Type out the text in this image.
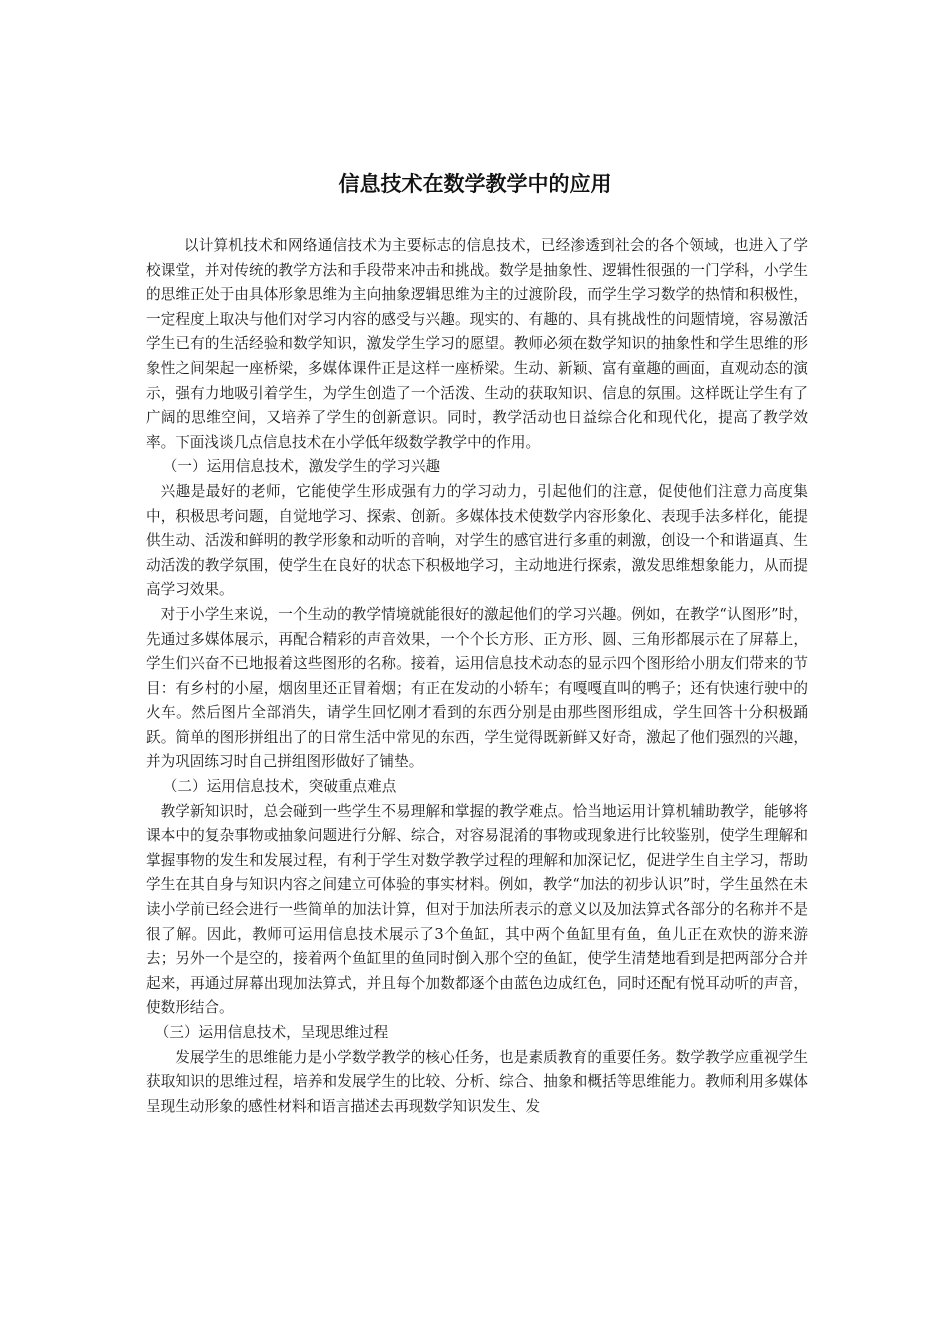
信息技术在数学教学中的应用

以计算机技术和网络通信技术为主要标志的信息技术，已经渗透到社会的各个领域，也进入了学校课堂，并对传统的教学方法和手段带来冲击和挑战。数学是抽象性、逻辑性很强的一门学科，小学生的思维正处于由具体形象思维为主向抽象逻辑思维为主的过渡阶段，而学生学习数学的热情和积极性，一定程度上取决与他们对学习内容的感受与兴趣。现实的、有趣的、具有挑战性的问题情境，容易激活学生已有的生活经验和数学知识，激发学生学习的愿望。教师必须在数学知识的抽象性和学生思维的形象性之间架起一座桥梁，多媒体课件正是这样一座桥梁。生动、新颖、富有童趣的画面，直观动态的演示，强有力地吸引着学生，为学生创造了一个活泼、生动的获取知识、信息的氛围。这样既让学生有了广阔的思维空间，又培养了学生的创新意识。同时，教学活动也日益综合化和现代化，提高了教学效率。下面浅谈几点信息技术在小学低年级数学教学中的作用。

（一）运用信息技术，激发学生的学习兴趣

兴趣是最好的老师，它能使学生形成强有力的学习动力，引起他们的注意，促使他们注意力高度集中，积极思考问题，自觉地学习、探索、创新。多媒体技术使数学内容形象化、表现手法多样化，能提供生动、活泼和鲜明的教学形象和动听的音响，对学生的感官进行多重的刺激，创设一个和谐逼真、生动活泼的教学氛围，使学生在良好的状态下积极地学习，主动地进行探索，激发思维想象能力，从而提高学习效果。

对于小学生来说，一个生动的教学情境就能很好的激起他们的学习兴趣。例如，在教学“认图形”时，先通过多媒体展示，再配合精彩的声音效果，一个个长方形、正方形、圆、三角形都展示在了屏幕上，学生们兴奋不已地报着这些图形的名称。接着，运用信息技术动态的显示四个图形给小朋友们带来的节目：有乡村的小屋，烟囱里还正冒着烟；有正在发动的小轿车；有嘎嘎直叫的鸭子；还有快速行驶中的火车。然后图片全部消失，请学生回忆刚才看到的东西分别是由那些图形组成，学生回答十分积极踊跃。简单的图形拼组出了的日常生活中常见的东西，学生觉得既新鲜又好奇，激起了他们强烈的兴趣，并为巩固练习时自己拼组图形做好了铺垫。

（二）运用信息技术，突破重点难点

教学新知识时，总会碰到一些学生不易理解和掌握的教学难点。恰当地运用计算机辅助教学，能够将课本中的复杂事物或抽象问题进行分解、综合，对容易混淆的事物或现象进行比较鉴别，使学生理解和掌握事物的发生和发展过程，有利于学生对数学教学过程的理解和加深记忆，促进学生自主学习，帮助学生在其自身与知识内容之间建立可体验的事实材料。例如，教学“加法的初步认识”时，学生虽然在未读小学前已经会进行一些简单的加法计算，但对于加法所表示的意义以及加法算式各部分的名称并不是很了解。因此，教师可运用信息技术展示了3个鱼缸，其中两个鱼缸里有鱼，鱼儿正在欢快的游来游去；另外一个是空的，接着两个鱼缸里的鱼同时倒入那个空的鱼缸，使学生清楚地看到是把两部分合并起来，再通过屏幕出现加法算式，并且每个加数都逐个由蓝色边成红色，同时还配有悦耳动听的声音，使数形结合。

（三）运用信息技术，呈现思维过程

发展学生的思维能力是小学数学教学的核心任务，也是素质教育的重要任务。数学教学应重视学生获取知识的思维过程，培养和发展学生的比较、分析、综合、抽象和概括等思维能力。教师利用多媒体呈现生动形象的感性材料和语言描述去再现数学知识发生、发
